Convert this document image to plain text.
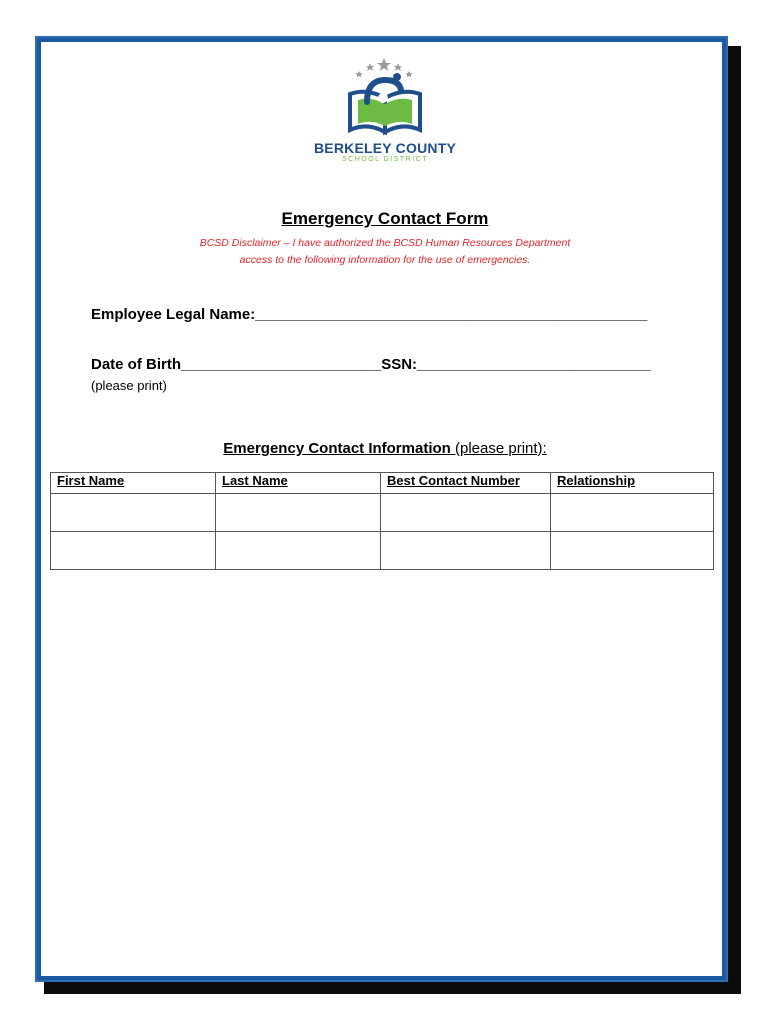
BERKELEY COUNTY
SCHOOL DISTRICT
Emergency Contact Form
BCSD Disclaimer – I have authorized the BCSD Human Resources Department
access to the following information for the use of emergencies.
Employee Legal Name:_______________________________________________
Date of Birth________________________SSN:____________________________
(please print)
Emergency Contact Information (please print):
First Name	Last Name	Best Contact Number	Relationship
